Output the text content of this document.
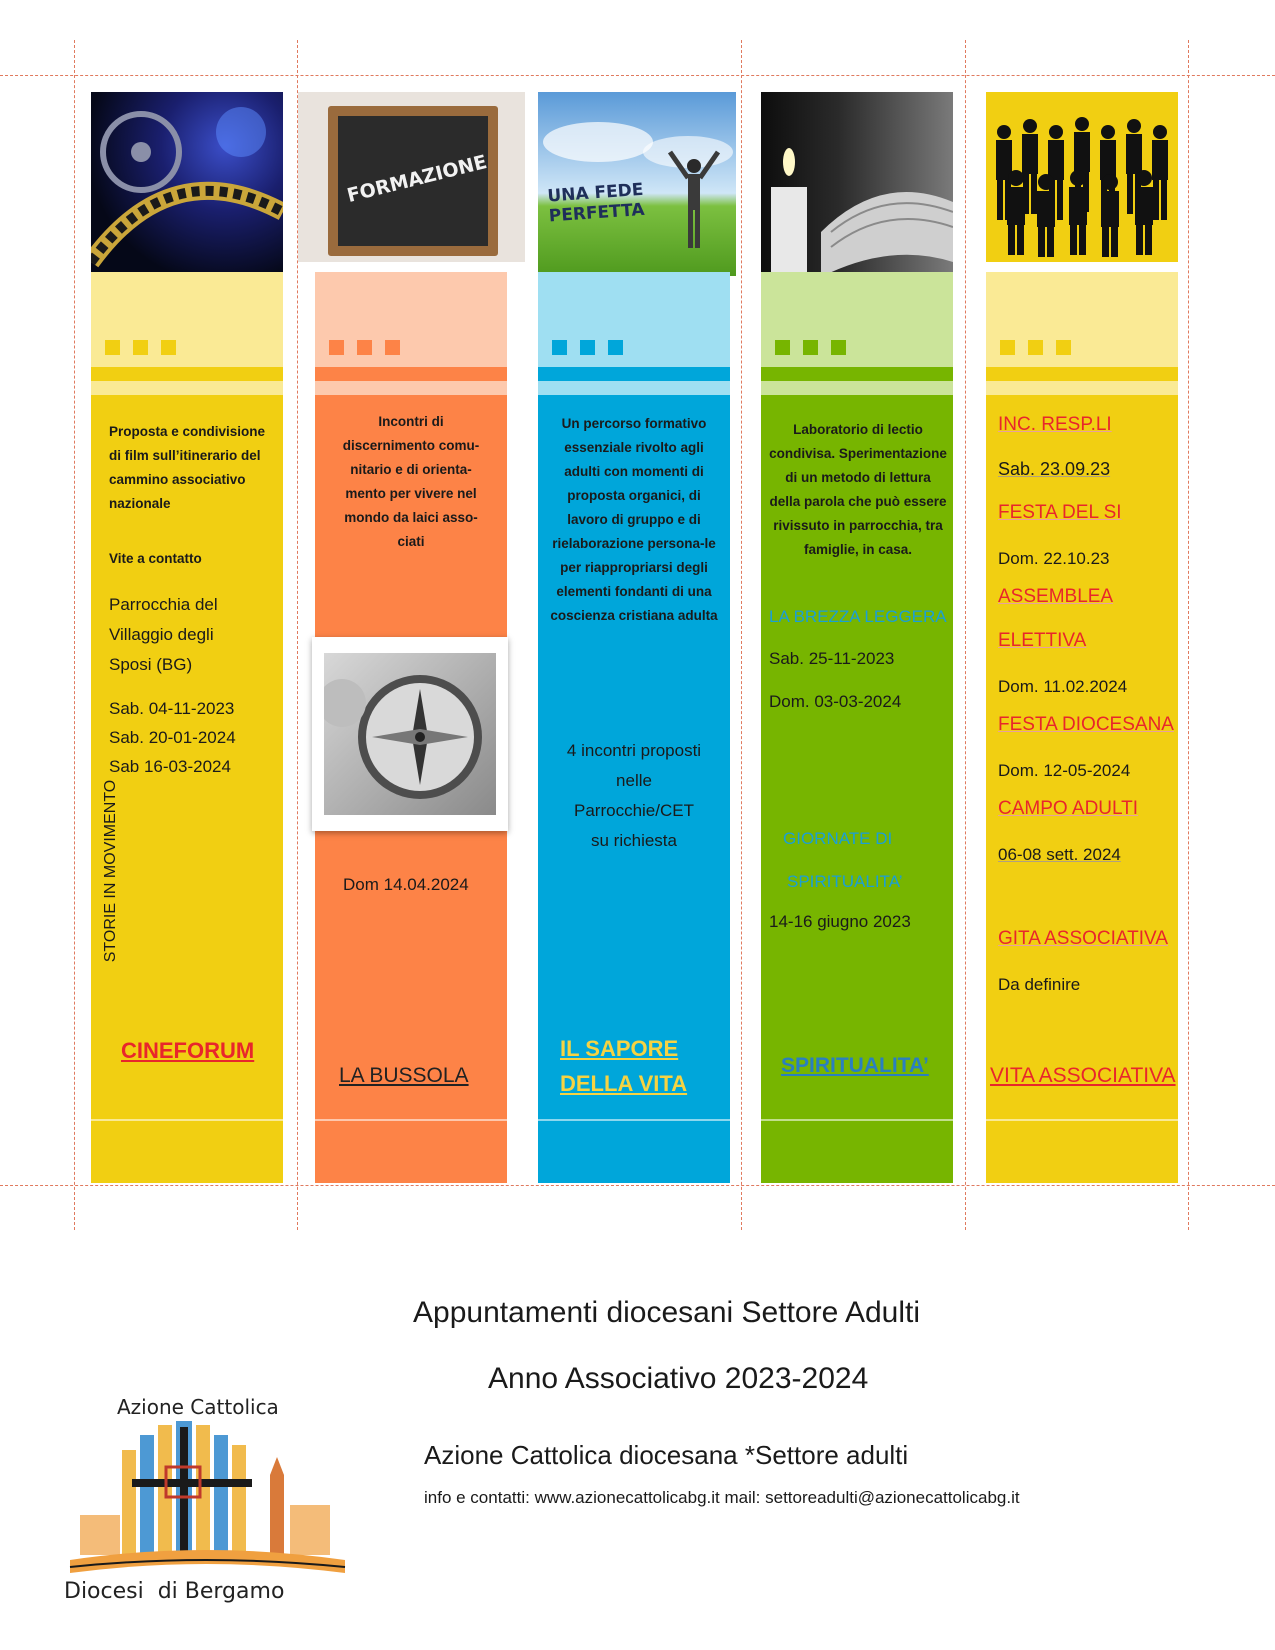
Proposta e condivisione di film sull’itinerario del cammino associativo nazionale

Vite a contatto

Parrocchia del Villaggio degli Sposi (BG)

Sab. 04-11-2023

Sab. 20-01-2024

Sab 16-03-2024

STORIE IN MOVIMENTO

CINEFORUM

FORMAZIONE

Incontri di discernimento comu-nitario e di orienta-mento per vivere nel mondo da laici asso-ciati

Dom 14.04.2024

LA BUSSOLA

UNA FEDE PERFETTA

Un percorso formativo essenziale rivolto agli adulti con momenti di proposta organici, di lavoro di gruppo e di rielaborazione persona-le per riappropriarsi degli elementi fondanti di una coscienza cristiana adulta

4 incontri proposti nelle Parrocchie/CET su richiesta

IL SAPORE

DELLA VITA

Laboratorio di lectio condivisa. Sperimentazione di un metodo di lettura della parola che può essere rivissuto in parrocchia, tra famiglie, in casa.

LA BREZZA LEGGERA

Sab. 25-11-2023

Dom. 03-03-2024

GIORNATE DI

SPIRITUALITA’

14-16 giugno 2023

SPIRITUALITA’

INC. RESP.LI

Sab. 23.09.23

FESTA DEL SI

Dom. 22.10.23

ASSEMBLEA

ELETTIVA

Dom. 11.02.2024

FESTA DIOCESANA

Dom. 12-05-2024

CAMPO ADULTI

06-08 sett. 2024

GITA ASSOCIATIVA

Da definire

VITA ASSOCIATIVA

Appuntamenti diocesani Settore Adulti

Anno Associativo 2023-2024

Azione Cattolica diocesana *Settore adulti

info e contatti: www.azionecattolicabg.it mail: settoreadulti@azionecattolicabg.it

Azione Cattolica
Diocesi  di Bergamo
